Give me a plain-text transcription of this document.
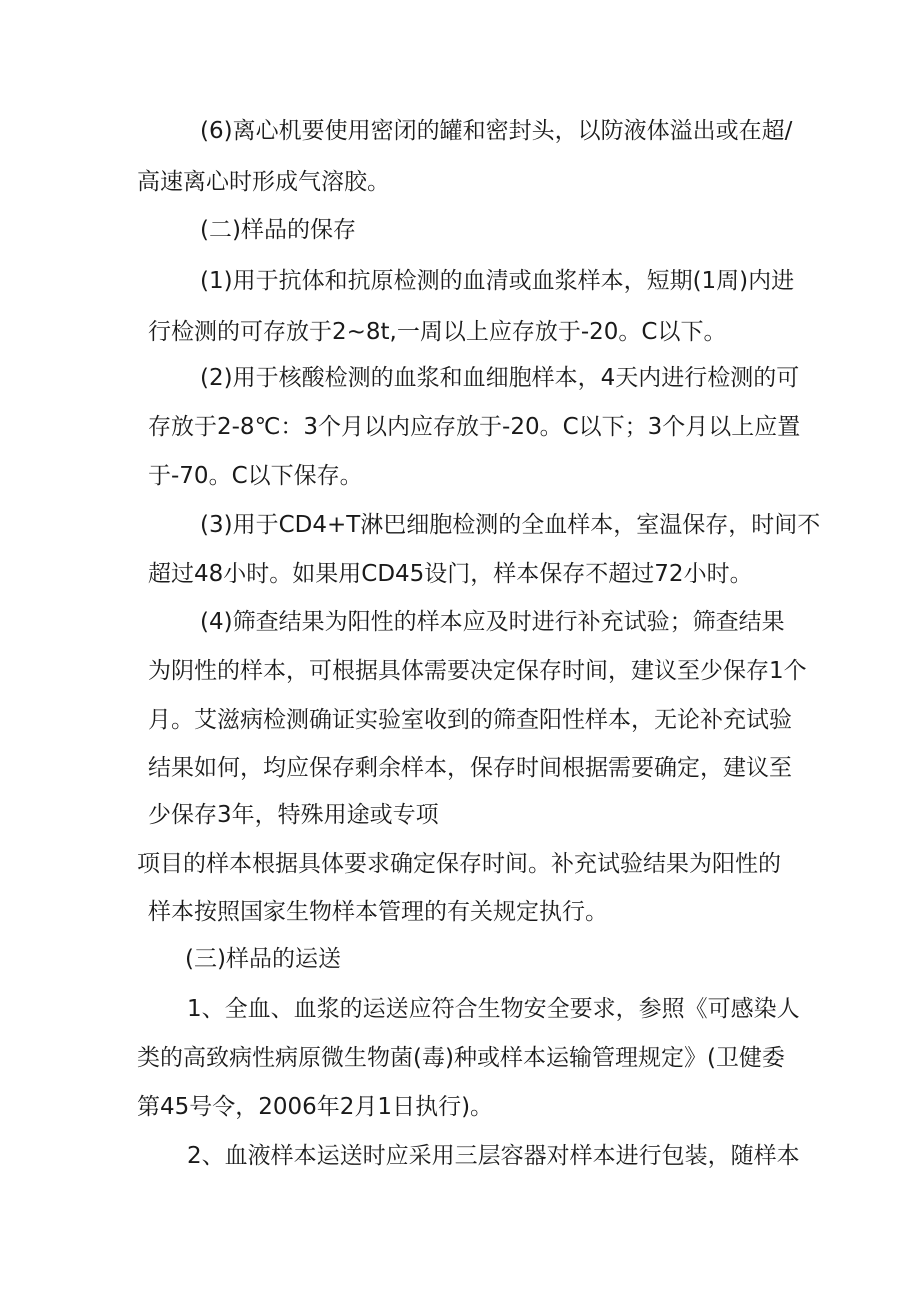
(6)离心机要使用密闭的罐和密封头，以防液体溢出或在超/
高速离心时形成气溶胶。
(二)样品的保存
(1)用于抗体和抗原检测的血清或血浆样本，短期(1周)内进
行检测的可存放于2~8t,一周以上应存放于-20。C以下。
(2)用于核酸检测的血浆和血细胞样本，4天内进行检测的可
存放于2-8℃：3个月以内应存放于-20。C以下；3个月以上应置
于-70。C以下保存。
(3)用于CD4+T淋巴细胞检测的全血样本，室温保存，时间不
超过48小时。如果用CD45设门，样本保存不超过72小时。
(4)筛查结果为阳性的样本应及时进行补充试验；筛查结果
为阴性的样本，可根据具体需要决定保存时间，建议至少保存1个
月。艾滋病检测确证实验室收到的筛查阳性样本，无论补充试验
结果如何，均应保存剩余样本，保存时间根据需要确定，建议至
少保存3年，特殊用途或专项
项目的样本根据具体要求确定保存时间。补充试验结果为阳性的
样本按照国家生物样本管理的有关规定执行。
(三)样品的运送
1、全血、血浆的运送应符合生物安全要求，参照《可感染人
类的高致病性病原微生物菌(毒)种或样本运输管理规定》(卫健委
第45号令，2006年2月1日执行)。
2、血液样本运送时应采用三层容器对样本进行包装，随样本
